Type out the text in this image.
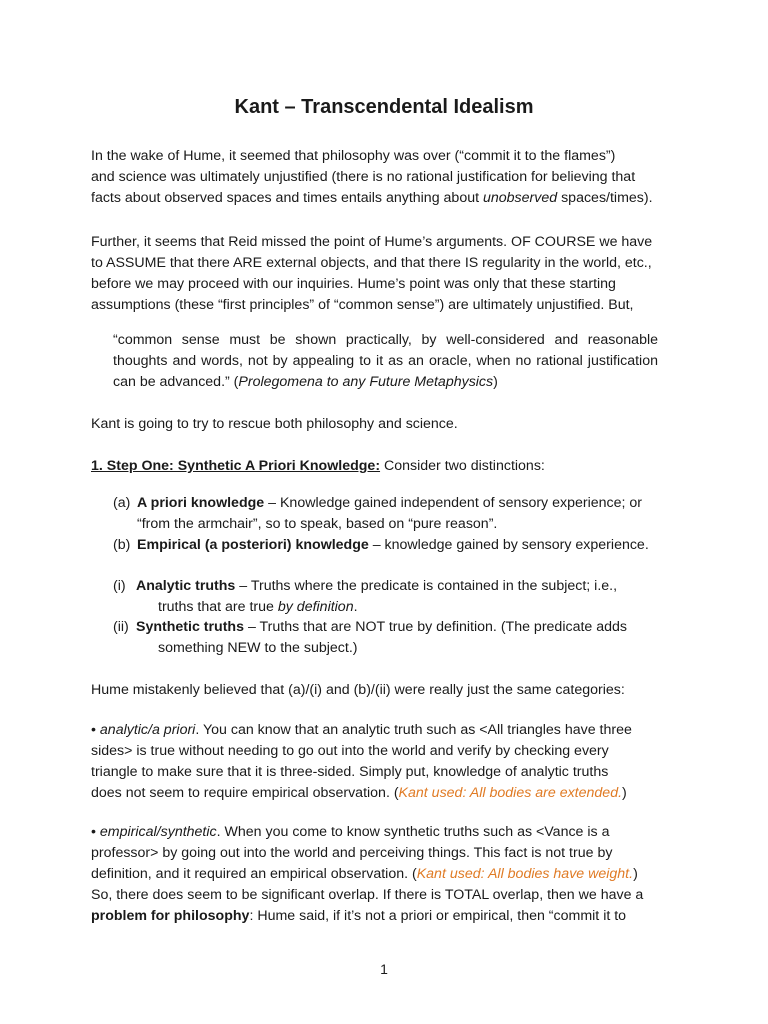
Kant – Transcendental Idealism

In the wake of Hume, it seemed that philosophy was over (“commit it to the flames”)

and science was ultimately unjustified (there is no rational justification for believing that

facts about observed spaces and times entails anything about unobserved spaces/times).

Further, it seems that Reid missed the point of Hume’s arguments. OF COURSE we have

to ASSUME that there ARE external objects, and that there IS regularity in the world, etc.,

before we may proceed with our inquiries. Hume’s point was only that these starting

assumptions (these “first principles” of “common sense”) are ultimately unjustified. But,

“common sense must be shown practically, by well-considered and reasonable thoughts and words, not by appealing to it as an oracle, when no rational justification can be advanced.” (Prolegomena to any Future Metaphysics)

Kant is going to try to rescue both philosophy and science.

1. Step One: Synthetic A Priori Knowledge: Consider two distinctions:

(a) A priori knowledge – Knowledge gained independent of sensory experience; or
“from the armchair”, so to speak, based on “pure reason”.
(b) Empirical (a posteriori) knowledge – knowledge gained by sensory experience.
(i) Analytic truths – Truths where the predicate is contained in the subject; i.e.,
truths that are true by definition.
(ii) Synthetic truths – Truths that are NOT true by definition. (The predicate adds
something NEW to the subject.)

Hume mistakenly believed that (a)/(i) and (b)/(ii) were really just the same categories:

• analytic/a priori. You can know that an analytic truth such as <All triangles have three

sides> is true without needing to go out into the world and verify by checking every

triangle to make sure that it is three-sided. Simply put, knowledge of analytic truths

does not seem to require empirical observation. (Kant used: All bodies are extended.)

• empirical/synthetic. When you come to know synthetic truths such as <Vance is a

professor> by going out into the world and perceiving things. This fact is not true by

definition, and it required an empirical observation. (Kant used: All bodies have weight.)

So, there does seem to be significant overlap. If there is TOTAL overlap, then we have a

problem for philosophy: Hume said, if it’s not a priori or empirical, then “commit it to

1
